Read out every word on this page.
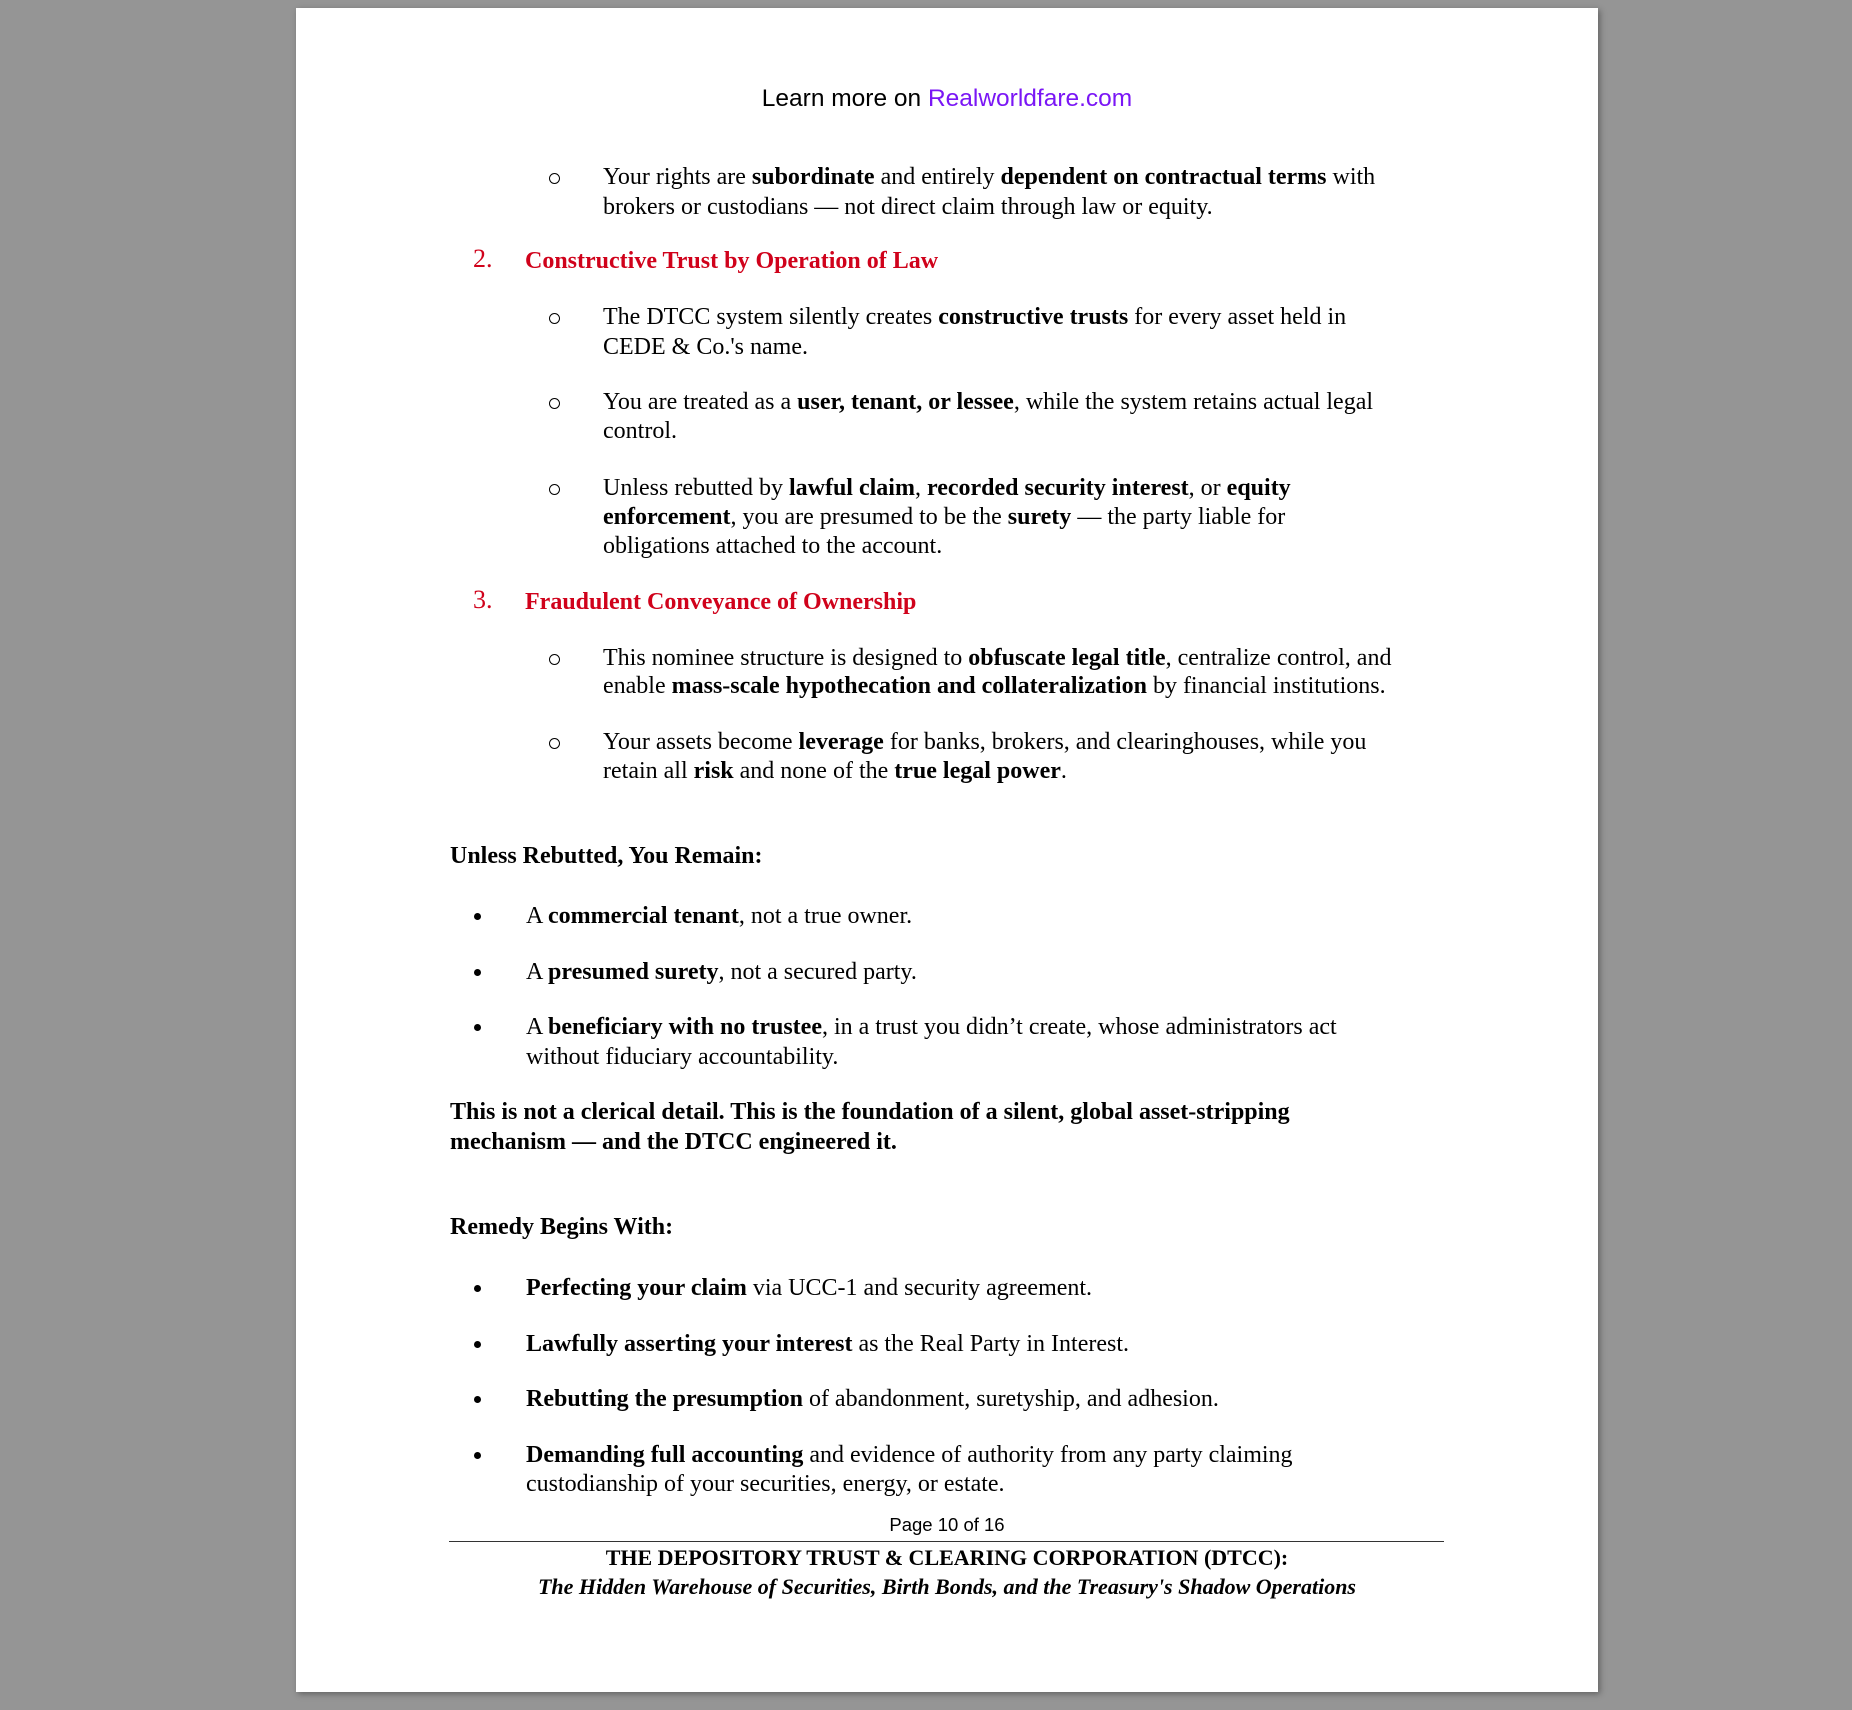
Learn more on Realworldfare.com
Your rights are subordinate and entirely dependent on contractual terms with
brokers or custodians — not direct claim through law or equity.
2. Constructive Trust by Operation of Law
The DTCC system silently creates constructive trusts for every asset held in
CEDE & Co.'s name.
You are treated as a user, tenant, or lessee, while the system retains actual legal
control.
Unless rebutted by lawful claim, recorded security interest, or equity
enforcement, you are presumed to be the surety — the party liable for
obligations attached to the account.
3. Fraudulent Conveyance of Ownership
This nominee structure is designed to obfuscate legal title, centralize control, and
enable mass-scale hypothecation and collateralization by financial institutions.
Your assets become leverage for banks, brokers, and clearinghouses, while you
retain all risk and none of the true legal power.
Unless Rebutted, You Remain:
A commercial tenant, not a true owner.
A presumed surety, not a secured party.
A beneficiary with no trustee, in a trust you didn’t create, whose administrators act
without fiduciary accountability.
This is not a clerical detail. This is the foundation of a silent, global asset-stripping
mechanism — and the DTCC engineered it.
Remedy Begins With:
Perfecting your claim via UCC-1 and security agreement.
Lawfully asserting your interest as the Real Party in Interest.
Rebutting the presumption of abandonment, suretyship, and adhesion.
Demanding full accounting and evidence of authority from any party claiming
custodianship of your securities, energy, or estate.
Page 10 of 16
THE DEPOSITORY TRUST & CLEARING CORPORATION (DTCC):
The Hidden Warehouse of Securities, Birth Bonds, and the Treasury's Shadow Operations
